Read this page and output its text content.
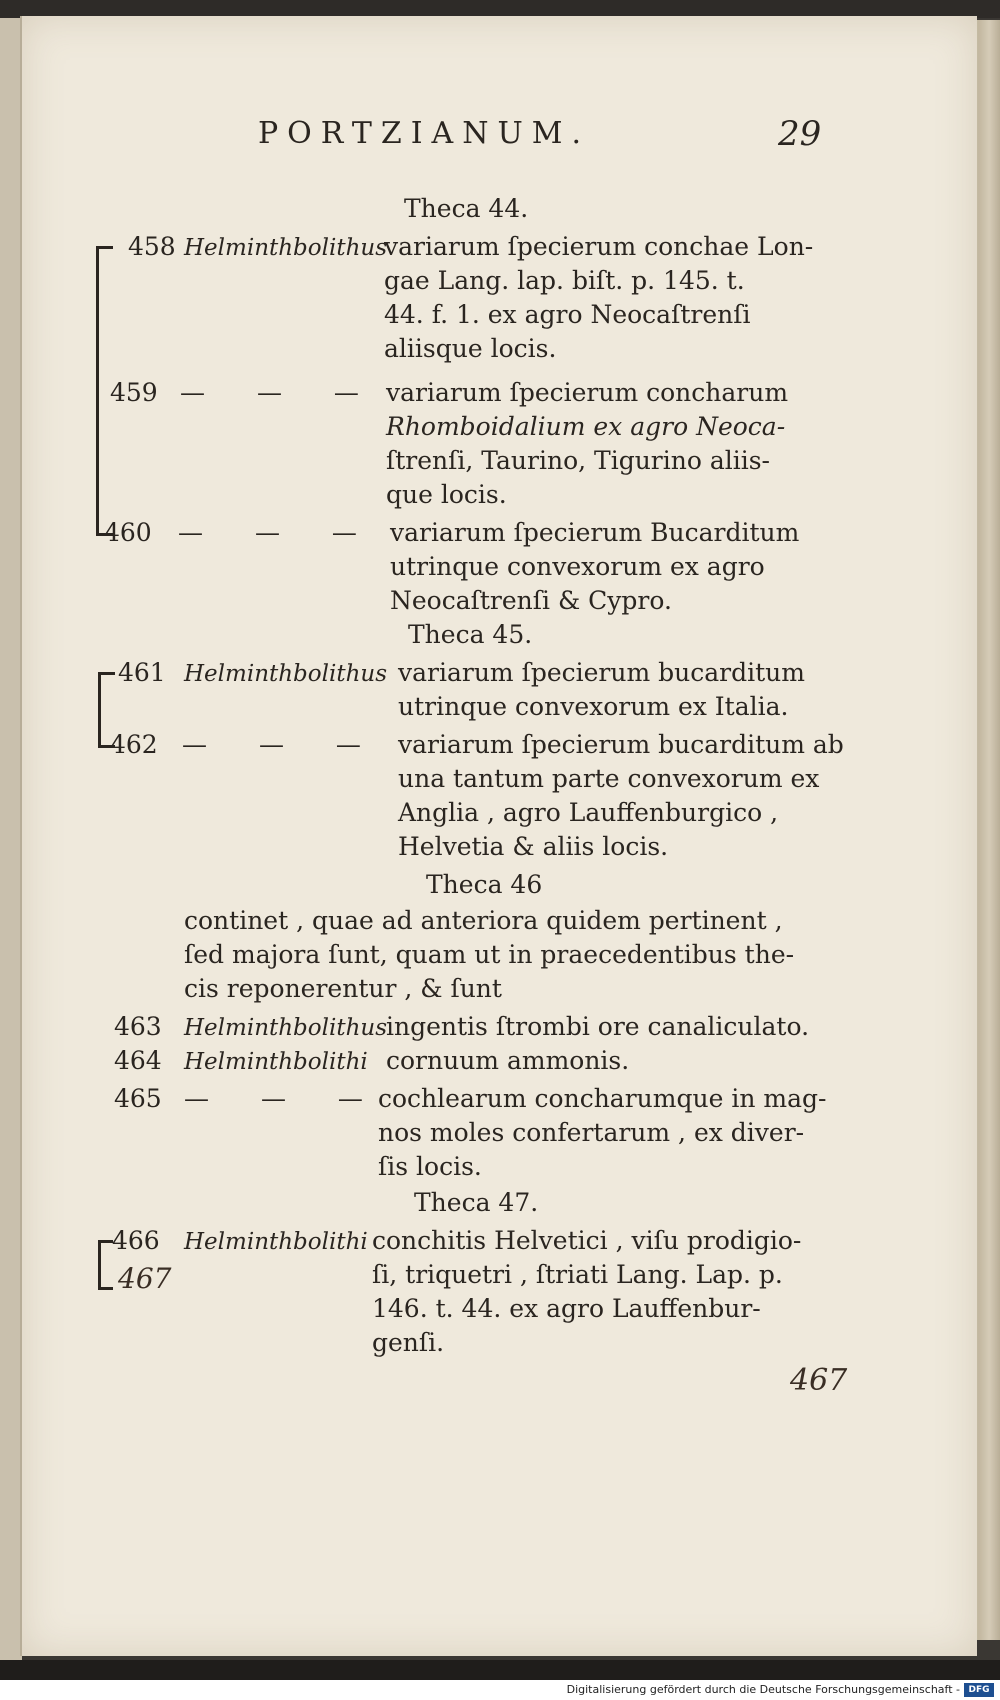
PORTZIANUM.	29
Theca 44.
458 Helminthbolithus
variarum ſpecierum conchae Lon-
gae Lang. lap. biſt. p. 145. t.
44. f. 1. ex agro Neocaſtrenſi
aliisque locis.
459 — — — variarum ſpecierum concharum
Rhomboidalium ex agro Neoca-
ſtrenſi, Taurino, Tigurino aliis-
que locis.
460 — — — variarum ſpecierum Bucarditum
utrinque convexorum ex agro
Neocaſtrenſi & Cypro.
Theca 45.
461 Helminthbolithus variarum ſpecierum bucarditum
utrinque convexorum ex Italia.
462 — — — variarum ſpecierum bucarditum ab
una tantum parte convexorum ex
Anglia , agro Lauffenburgico ,
Helvetia & aliis locis.
Theca 46
continet , quae ad anteriora quidem pertinent ,
ſed majora ſunt, quam ut in praecedentibus the-
cis reponerentur , & ſunt
463 Helminthbolithus
ingentis ſtrombi ore canaliculato.
464 Helminthbolithi cornuum ammonis.
465 — — —
cochlearum concharumque in mag-
nos moles confertarum , ex diver-
ſis locis.
Theca 47.
466 Helminthbolithi conchitis Helvetici , viſu prodigio-
ſi, triquetri , ſtriati Lang. Lap. p.
146. t. 44. ex agro Lauffenbur-
genſi.
467
467
Digitalisierung gefördert durch die Deutsche Forschungsgemeinschaft - DFG
